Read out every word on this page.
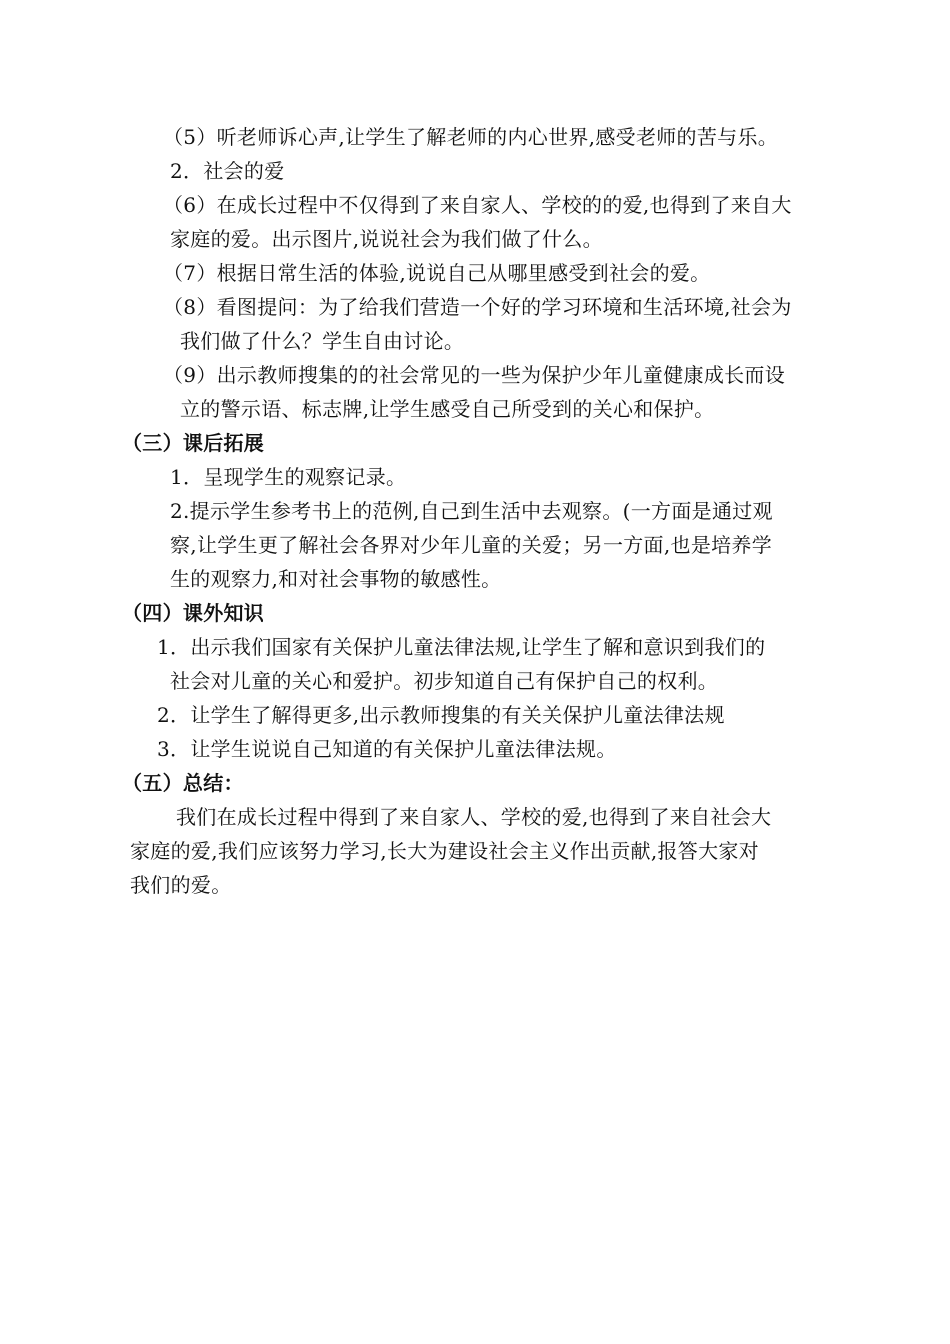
（5）听老师诉心声,让学生了解老师的内心世界,感受老师的苦与乐。
2．社会的爱
（6）在成长过程中不仅得到了来自家人、学校的的爱,也得到了来自大
家庭的爱。出示图片,说说社会为我们做了什么。
（7）根据日常生活的体验,说说自己从哪里感受到社会的爱。
（8）看图提问：为了给我们营造一个好的学习环境和生活环境,社会为
我们做了什么？学生自由讨论。
（9）出示教师搜集的的社会常见的一些为保护少年儿童健康成长而设
立的警示语、标志牌,让学生感受自己所受到的关心和保护。
（三）课后拓展
1．呈现学生的观察记录。
2.提示学生参考书上的范例,自己到生活中去观察。(一方面是通过观
察,让学生更了解社会各界对少年儿童的关爱；另一方面,也是培养学
生的观察力,和对社会事物的敏感性。
（四）课外知识
1．出示我们国家有关保护儿童法律法规,让学生了解和意识到我们的
社会对儿童的关心和爱护。初步知道自己有保护自己的权利。
2．让学生了解得更多,出示教师搜集的有关关保护儿童法律法规
3．让学生说说自己知道的有关保护儿童法律法规。
（五）总结：
我们在成长过程中得到了来自家人、学校的爱,也得到了来自社会大
家庭的爱,我们应该努力学习,长大为建设社会主义作出贡献,报答大家对
我们的爱。
